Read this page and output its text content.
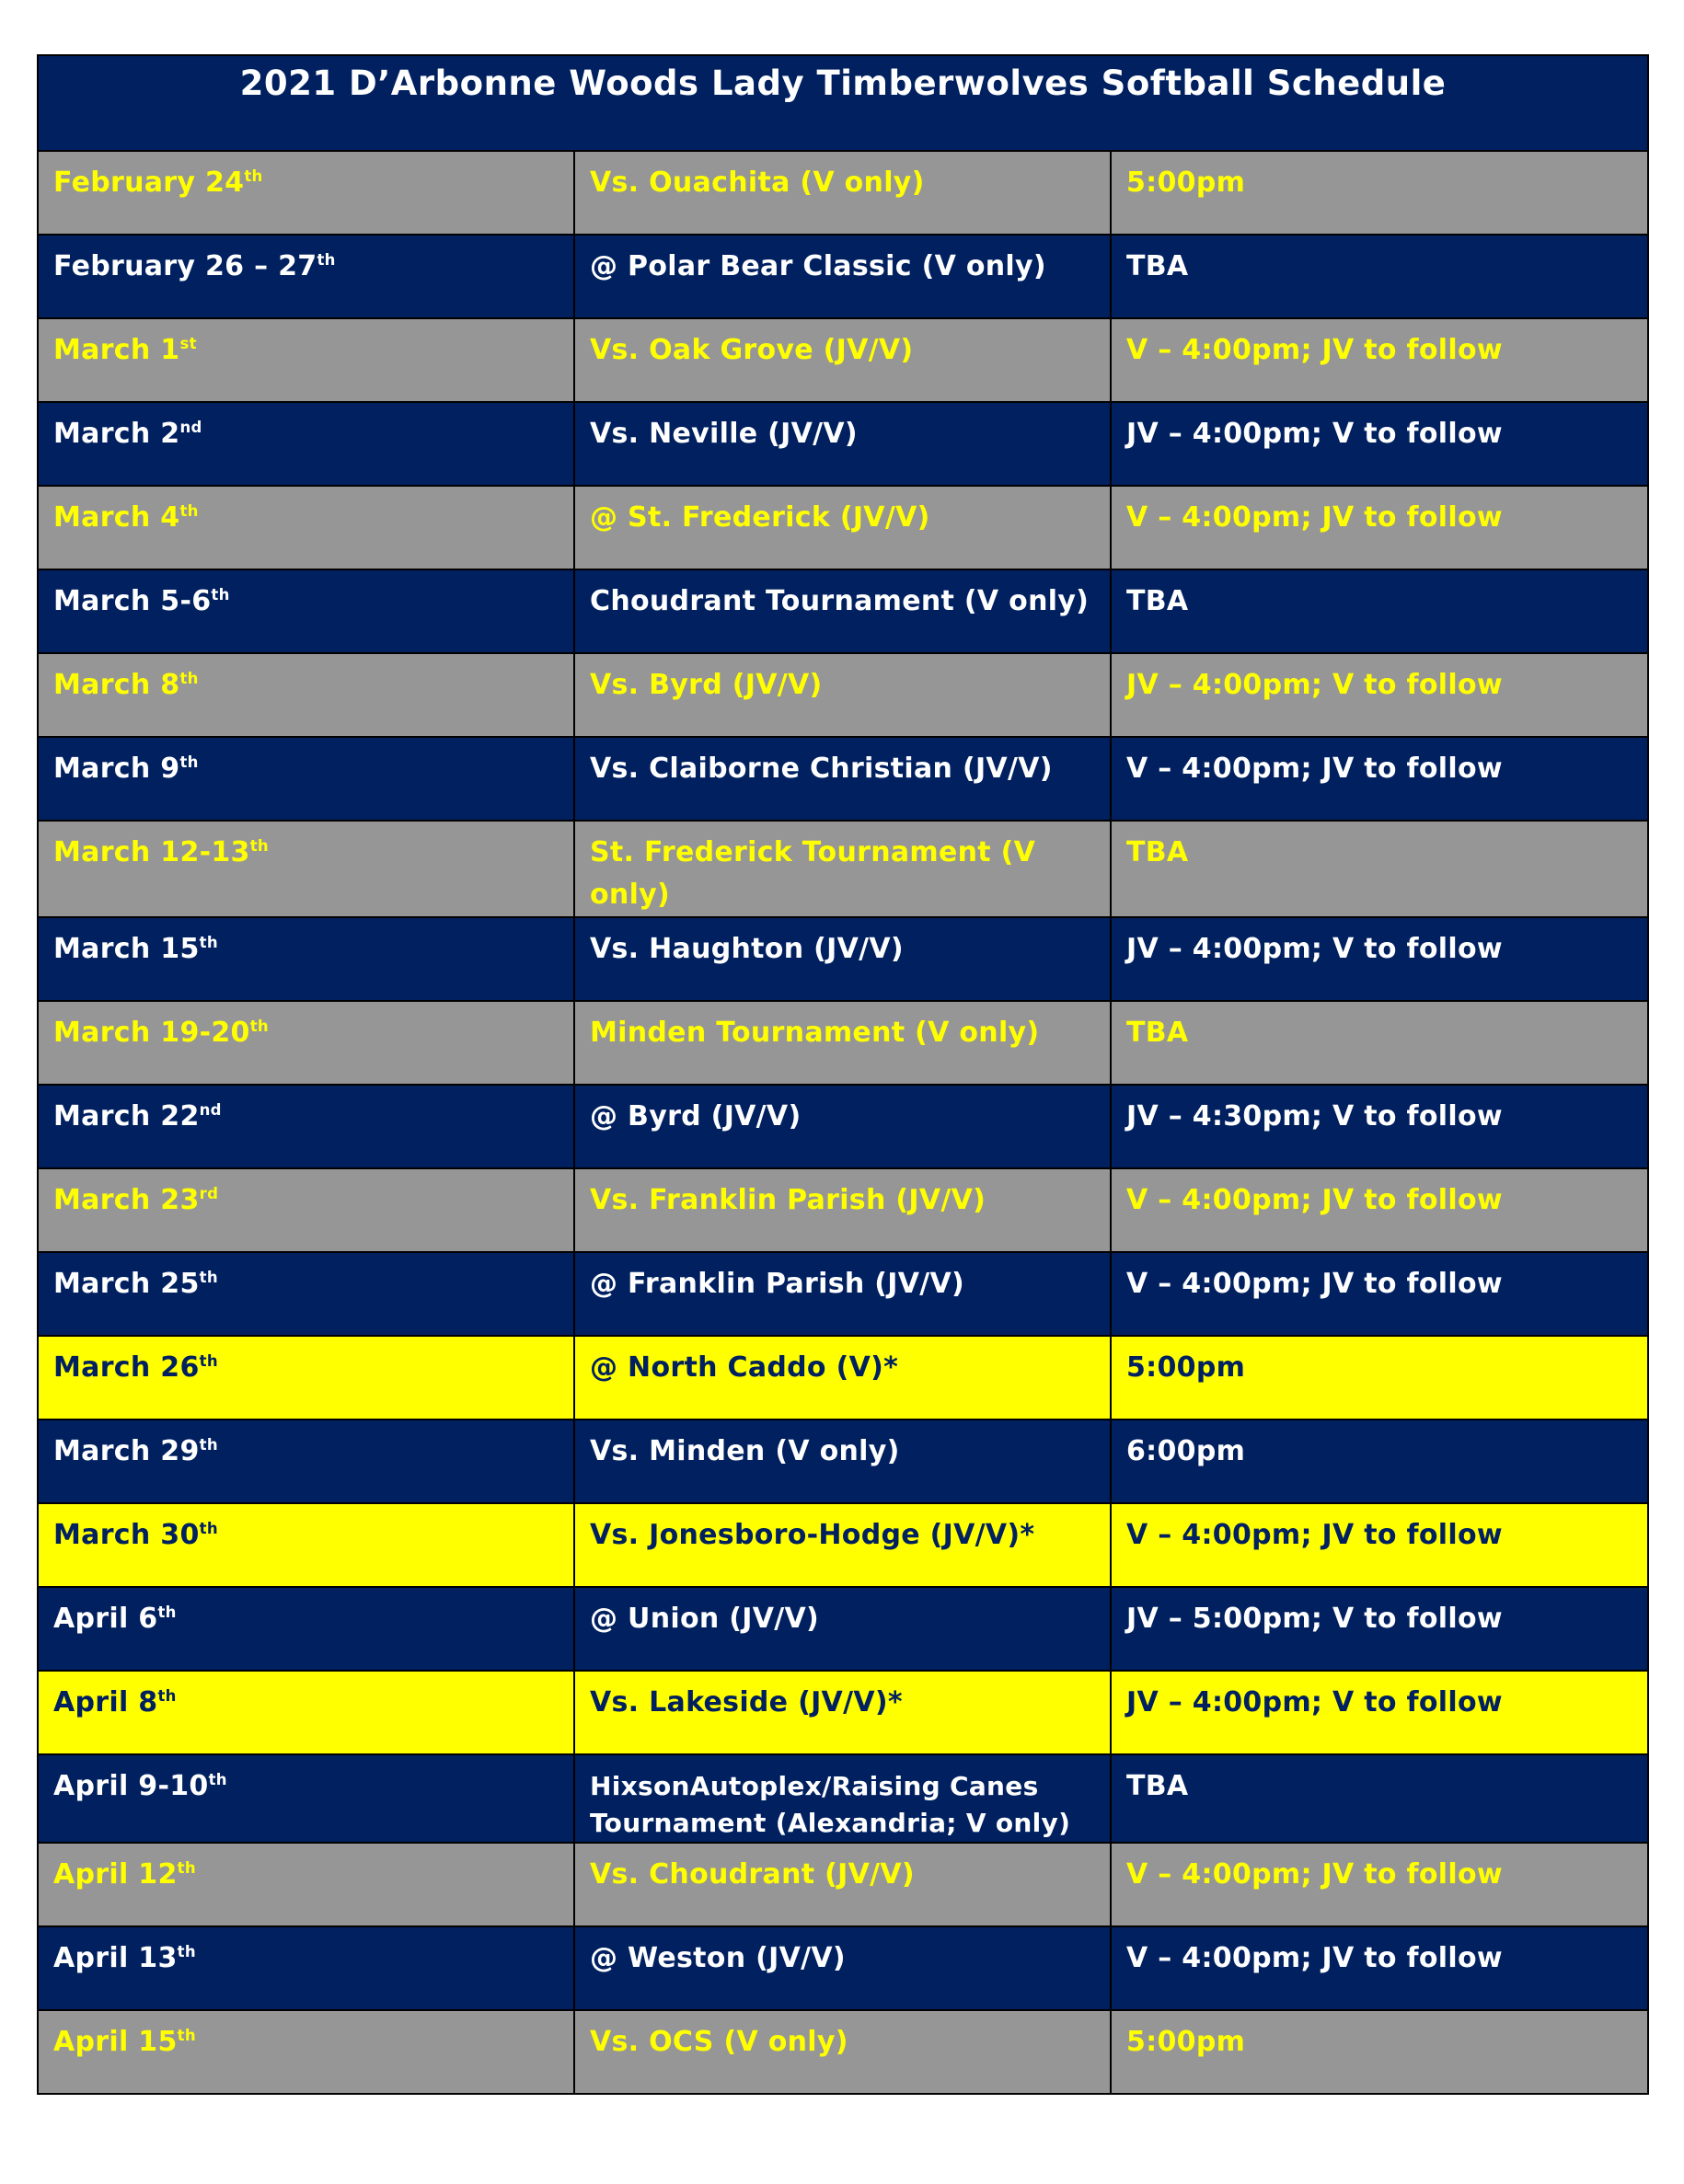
2021 D’Arbonne Woods Lady Timberwolves Softball Schedule		
February 24th	Vs. Ouachita (V only)	5:00pm
February 26 – 27th	@ Polar Bear Classic (V only)	TBA
March 1st	Vs. Oak Grove (JV/V)	V – 4:00pm; JV to follow
March 2nd	Vs. Neville (JV/V)	JV – 4:00pm; V to follow
March 4th	@ St. Frederick (JV/V)	V – 4:00pm; JV to follow
March 5-6th	Choudrant Tournament (V only)	TBA
March 8th	Vs. Byrd (JV/V)	JV – 4:00pm; V to follow
March 9th	Vs. Claiborne Christian (JV/V)	V – 4:00pm; JV to follow
March 12-13th	St. Frederick Tournament (V only)	TBA
March 15th	Vs. Haughton (JV/V)	JV – 4:00pm; V to follow
March 19-20th	Minden Tournament (V only)	TBA
March 22nd	@ Byrd (JV/V)	JV – 4:30pm; V to follow
March 23rd	Vs. Franklin Parish (JV/V)	V – 4:00pm; JV to follow
March 25th	@ Franklin Parish (JV/V)	V – 4:00pm; JV to follow
March 26th	@ North Caddo (V)*	5:00pm
March 29th	Vs. Minden (V only)	6:00pm
March 30th	Vs. Jonesboro-Hodge (JV/V)*	V – 4:00pm; JV to follow
April 6th	@ Union (JV/V)	JV – 5:00pm; V to follow
April 8th	Vs. Lakeside (JV/V)*	JV – 4:00pm; V to follow
April 9-10th	HixsonAutoplex/Raising Canes Tournament (Alexandria; V only)	TBA
April 12th	Vs. Choudrant (JV/V)	V – 4:00pm; JV to follow
April 13th	@ Weston (JV/V)	V – 4:00pm; JV to follow
April 15th	Vs. OCS (V only)	5:00pm
